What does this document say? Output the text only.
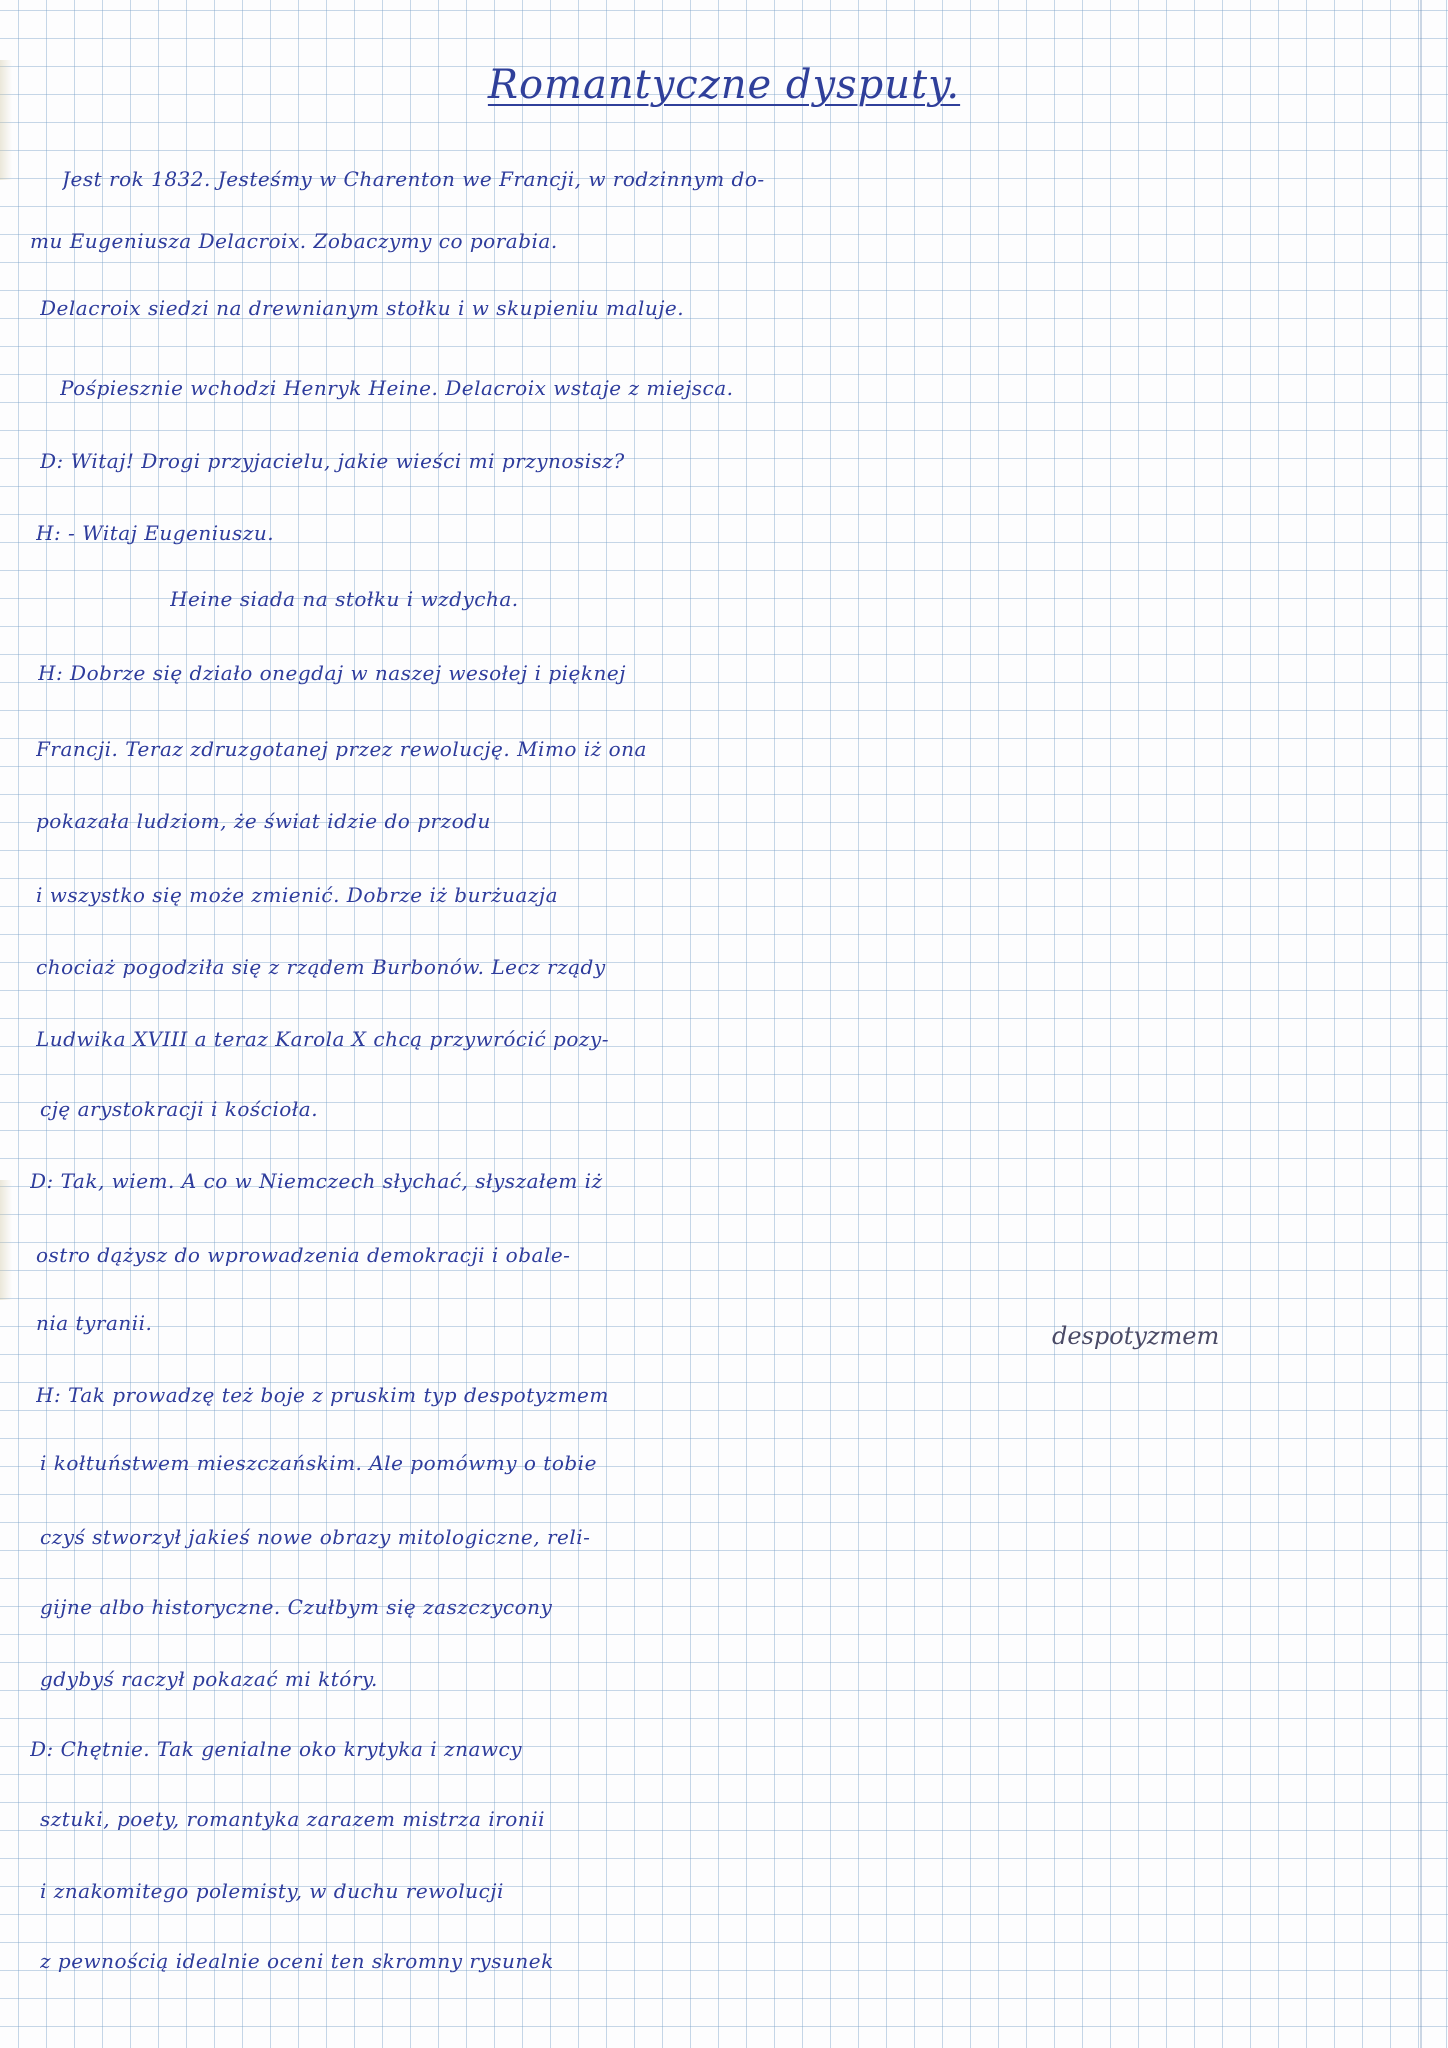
Romantyczne dysputy.
despotyzmem
Jest rok 1832. Jesteśmy w Charenton we Francji, w rodzinnym do-
mu Eugeniusza Delacroix. Zobaczymy co porabia.
Delacroix siedzi na drewnianym stołku i w skupieniu maluje.
Pośpiesznie wchodzi Henryk Heine. Delacroix wstaje z miejsca.
D: Witaj! Drogi przyjacielu, jakie wieści mi przynosisz?
H: - Witaj Eugeniuszu.
Heine siada na stołku i wzdycha.
H: Dobrze się działo onegdaj w naszej wesołej i pięknej
Francji. Teraz zdruzgotanej przez rewolucję. Mimo iż ona
pokazała ludziom, że świat idzie do przodu
i wszystko się może zmienić. Dobrze iż burżuazja
chociaż pogodziła się z rządem Burbonów. Lecz rządy
Ludwika XVIII a teraz Karola X chcą przywrócić pozy-
cję arystokracji i kościoła.
D: Tak, wiem. A co w Niemczech słychać, słyszałem iż
ostro dążysz do wprowadzenia demokracji i obale-
nia tyranii.
H: Tak prowadzę też boje z pruskim typ despotyzmem
i kołtuństwem mieszczańskim. Ale pomówmy o tobie
czyś stworzył jakieś nowe obrazy mitologiczne, reli-
gijne albo historyczne. Czułbym się zaszczycony
gdybyś raczył pokazać mi który.
D: Chętnie. Tak genialne oko krytyka i znawcy
sztuki, poety, romantyka zarazem mistrza ironii
i znakomitego polemisty, w duchu rewolucji
z pewnością idealnie oceni ten skromny rysunek
